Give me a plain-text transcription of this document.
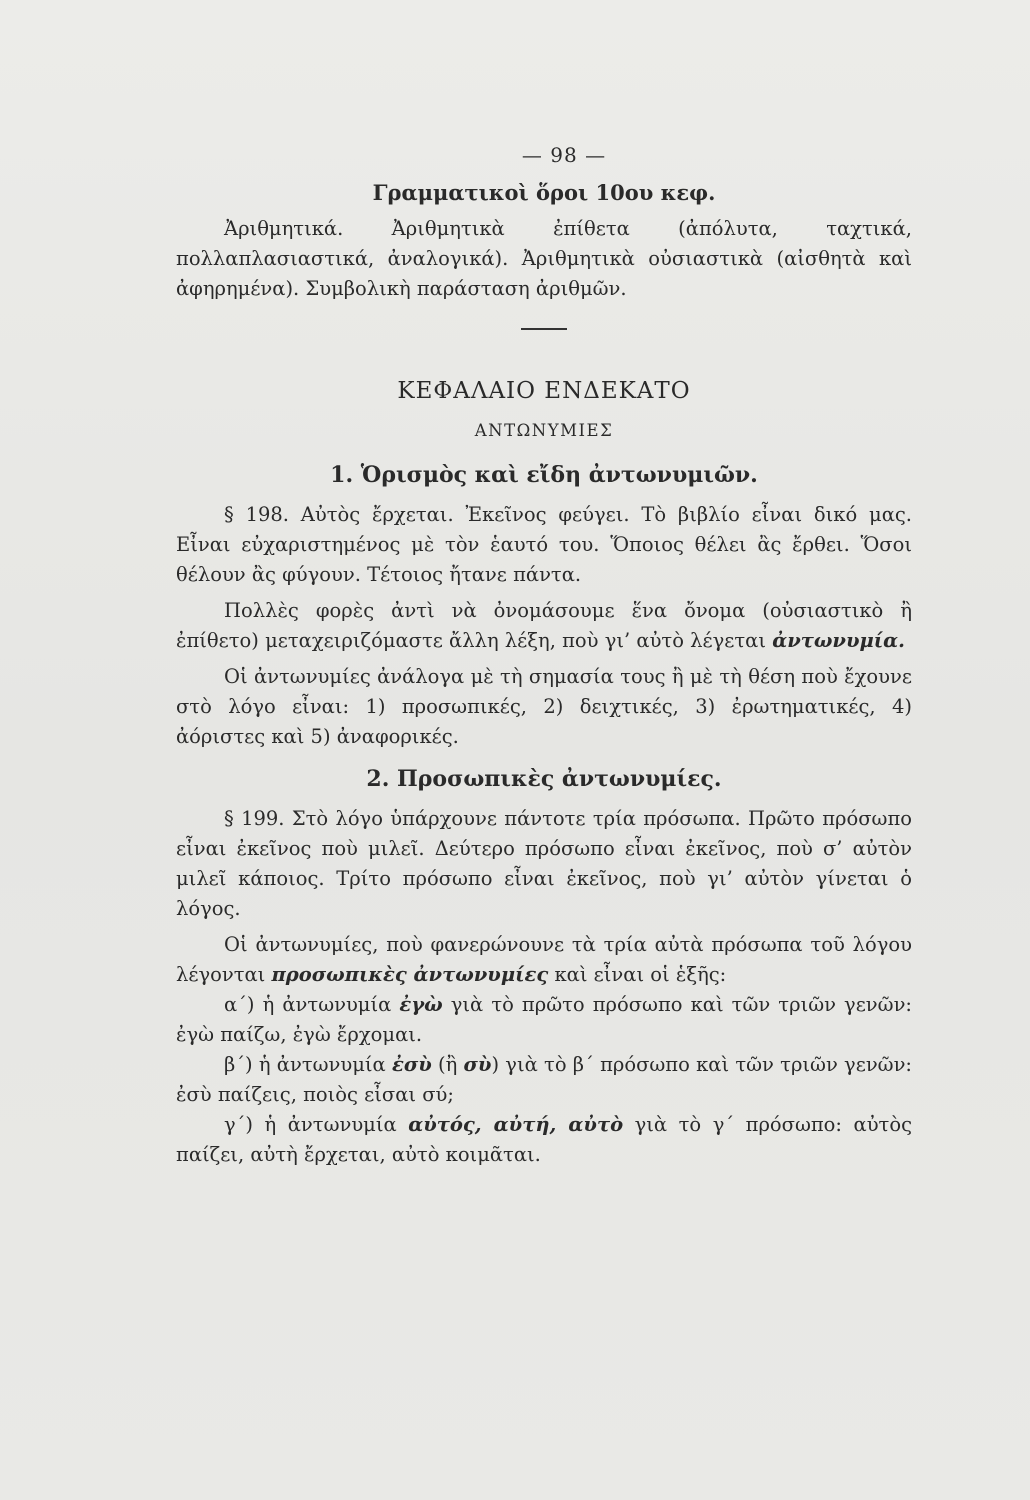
— 98 —
Γραμματικοὶ ὅροι 10ου κεφ.

Ἀριθμητικά. Ἀριθμητικὰ ἐπίθετα (ἀπόλυτα, ταχτικά, πολλαπλασιαστικά, ἀναλογικά). Ἀριθμητικὰ οὐσιαστικὰ (αἰσθητὰ καὶ ἀφηρημένα). Συμβολικὴ παράσταση ἀριθμῶν.

ΚΕΦΑΛΑΙΟ ΕΝΔΕΚΑΤΟ
ΑΝΤΩΝΥΜΙΕΣ
1. Ὁρισμὸς καὶ εἴδη ἀντωνυμιῶν.

§ 198. Αὐτὸς ἔρχεται. Ἐκεῖνος φεύγει. Τὸ βιβλίο εἶναι δικό μας. Εἶναι εὐχαριστημένος μὲ τὸν ἑαυτό του. Ὅποιος θέλει ἂς ἔρθει. Ὅσοι θέλουν ἂς φύγουν. Τέτοιος ἤτανε πάντα.

Πολλὲς φορὲς ἀντὶ νὰ ὀνομάσουμε ἕνα ὄνομα (οὐσιαστικὸ ἢ ἐπίθετο) μεταχειριζόμαστε ἄλλη λέξη, ποὺ γι’ αὐτὸ λέγεται ἀντωνυμία.

Οἱ ἀντωνυμίες ἀνάλογα μὲ τὴ σημασία τους ἢ μὲ τὴ θέση ποὺ ἔχουνε στὸ λόγο εἶναι: 1) προσωπικές, 2) δειχτικές, 3) ἐρωτηματικές, 4) ἀόριστες καὶ 5) ἀναφορικές.

2. Προσωπικὲς ἀντωνυμίες.

§ 199. Στὸ λόγο ὑπάρχουνε πάντοτε τρία πρόσωπα. Πρῶτο πρόσωπο εἶναι ἐκεῖνος ποὺ μιλεῖ. Δεύτερο πρόσωπο εἶναι ἐκεῖνος, ποὺ σ’ αὐτὸν μιλεῖ κάποιος. Τρίτο πρόσωπο εἶναι ἐκεῖνος, ποὺ γι’ αὐτὸν γίνεται ὁ λόγος.

Οἱ ἀντωνυμίες, ποὺ φανερώνουνε τὰ τρία αὐτὰ πρόσωπα τοῦ λόγου λέγονται προσωπικὲς ἀντωνυμίες καὶ εἶναι οἱ ἑξῆς:

α΄) ἡ ἀντωνυμία ἐγὼ γιὰ τὸ πρῶτο πρόσωπο καὶ τῶν τριῶν γενῶν: ἐγὼ παίζω, ἐγὼ ἔρχομαι.

β΄) ἡ ἀντωνυμία ἐσὺ (ἢ σὺ) γιὰ τὸ β΄ πρόσωπο καὶ τῶν τριῶν γενῶν: ἐσὺ παίζεις, ποιὸς εἶσαι σύ;

γ΄) ἡ ἀντωνυμία αὐτός, αὐτή, αὐτὸ γιὰ τὸ γ΄ πρόσωπο: αὐτὸς παίζει, αὐτὴ ἔρχεται, αὐτὸ κοιμᾶται.
